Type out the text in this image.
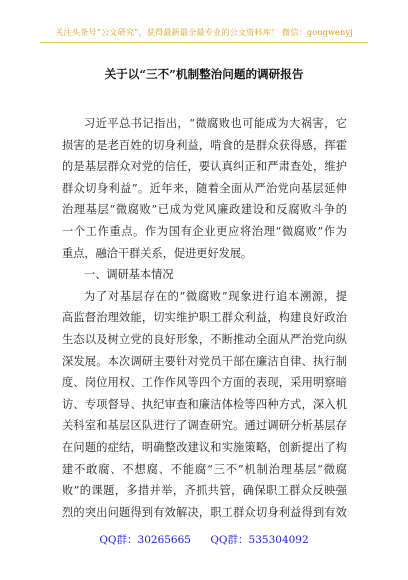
关注头条号“公文研究”，获得最新最全最专业的公文资料库！ 微信：gongwenyj
关于以“三不”机制整治问题的调研报告
习近平总书记指出，“微腐败也可能成为大祸害，它
损害的是老百姓的切身利益，啃食的是群众获得感，挥霍
的是基层群众对党的信任，要认真纠正和严肃查处，维护
群众切身利益”。近年来，随着全面从严治党向基层延伸
治理基层“微腐败”已成为党风廉政建设和反腐败斗争的
一个工作重点。作为国有企业更应将治理“微腐败”作为
重点，融洽干群关系，促进更好发展。
一、调研基本情况
为了对基层存在的“微腐败”现象进行追本溯源，提
高监督治理效能，切实维护职工群众利益，构建良好政治
生态以及树立党的良好形象，不断推动全面从严治党向纵
深发展。本次调研主要针对党员干部在廉洁自律、执行制
度、岗位用权、工作作风等四个方面的表现，采用明察暗
访、专项督导、执纪审查和廉洁体检等四种方式，深入机
关科室和基层区队进行了调查研究。通过调研分析基层存
在问题的症结，明确整改建议和实施策略，创新提出了构
建不敢腐、不想腐、不能腐“三不”机制治理基层“微腐
败”的课题，多措并举，齐抓共管，确保职工群众反映强
烈的突出问题得到有效解决，职工群众切身利益得到有效
QQ群：30265665 QQ群：535304092
